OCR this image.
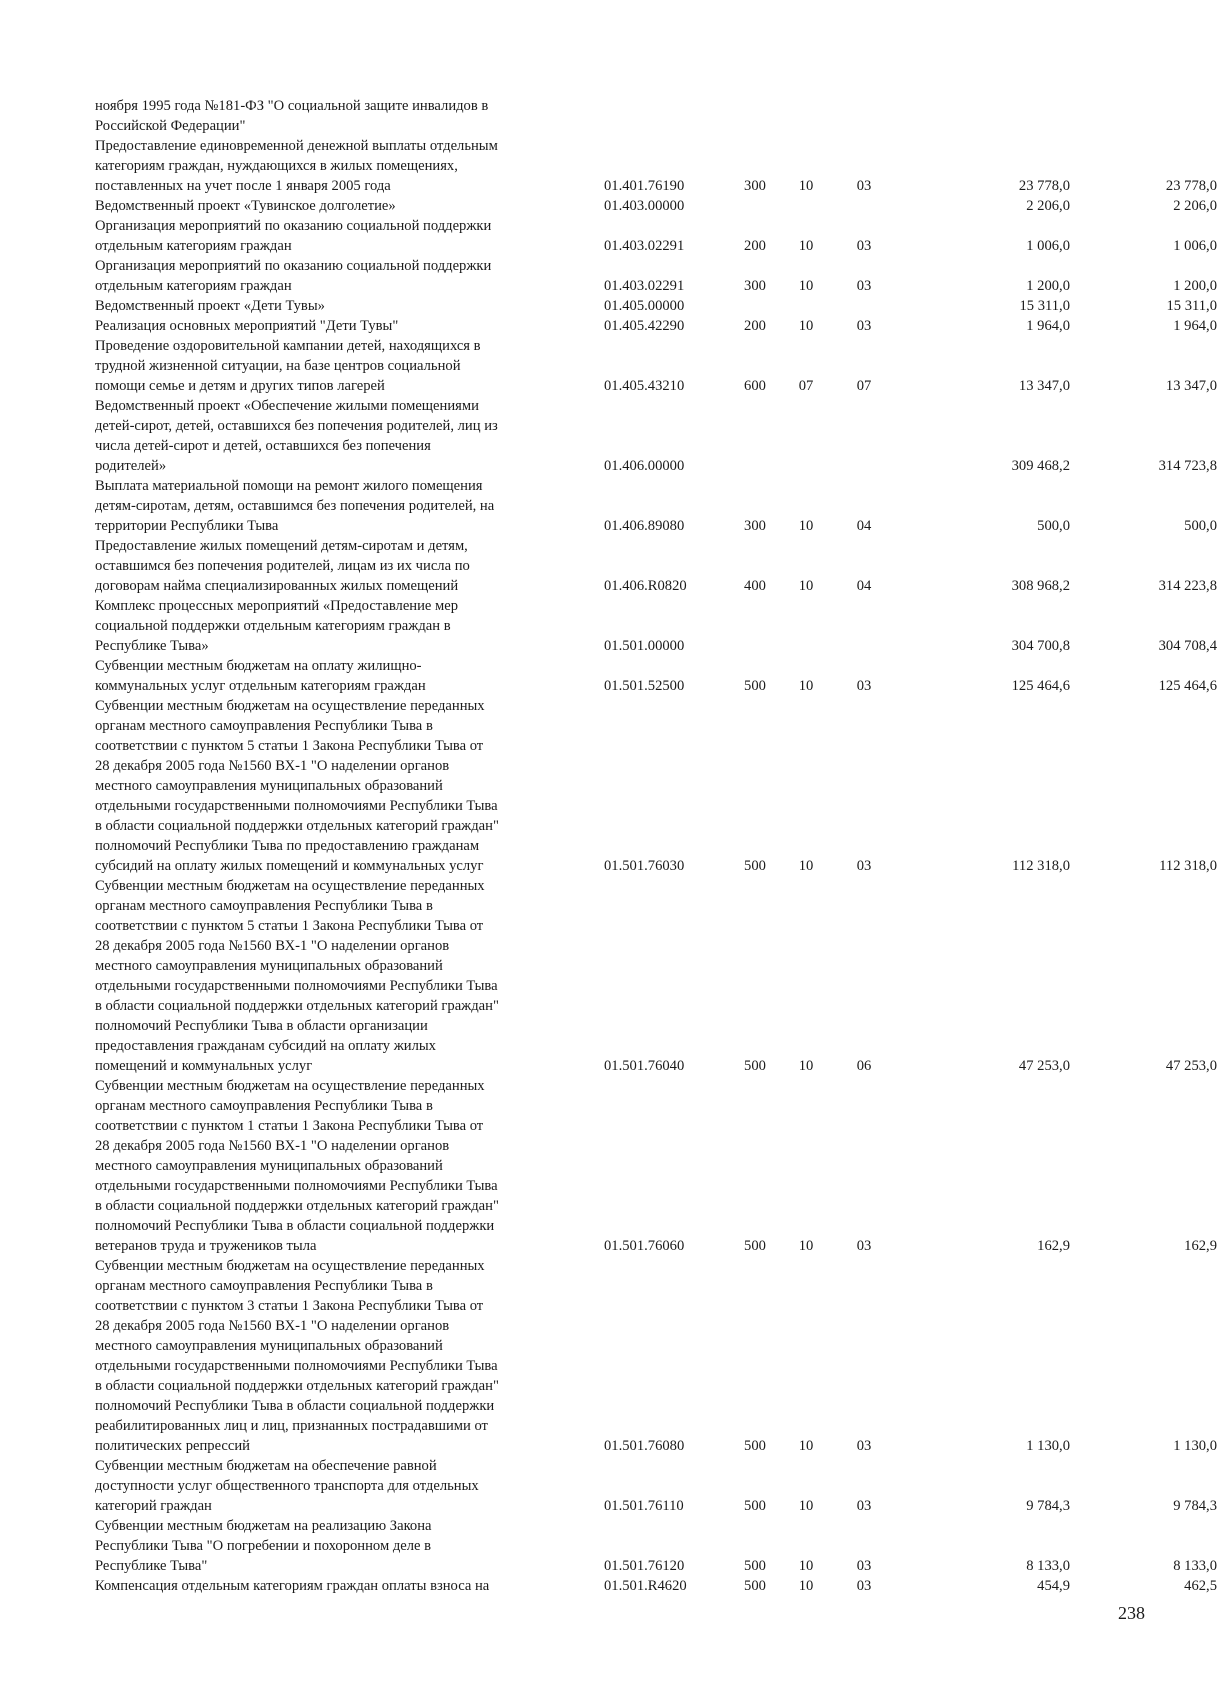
ноября 1995 года №181-ФЗ "О социальной защите инвалидов в
Российской Федерации"
Предоставление единовременной денежной выплаты отдельным
категориям граждан, нуждающихся в жилых помещениях,
поставленных на учет после 1 января 2005 года	01.401.76190	300	10	03	23 778,0	23 778,0
Ведомственный проект «Тувинское долголетие»	01.403.00000	2 206,0	2 206,0
Организация мероприятий по оказанию социальной поддержки
отдельным категориям граждан	01.403.02291	200	10	03	1 006,0	1 006,0
Организация мероприятий по оказанию социальной поддержки
отдельным категориям граждан	01.403.02291	300	10	03	1 200,0	1 200,0
Ведомственный проект «Дети Тувы»	01.405.00000	15 311,0	15 311,0
Реализация основных мероприятий "Дети Тувы"	01.405.42290	200	10	03	1 964,0	1 964,0
Проведение оздоровительной кампании детей, находящихся в
трудной жизненной ситуации, на базе центров социальной
помощи семье и детям и других типов лагерей	01.405.43210	600	07	07	13 347,0	13 347,0
Ведомственный проект «Обеспечение жилыми помещениями
детей-сирот, детей, оставшихся без попечения родителей, лиц из
числа детей-сирот и детей, оставшихся без попечения
родителей»	01.406.00000	309 468,2	314 723,8
Выплата материальной помощи на ремонт жилого помещения
детям-сиротам, детям, оставшимся без попечения родителей, на
территории Республики Тыва	01.406.89080	300	10	04	500,0	500,0
Предоставление жилых помещений детям-сиротам и детям,
оставшимся без попечения родителей, лицам из их числа по
договорам найма специализированных жилых помещений	01.406.R0820	400	10	04	308 968,2	314 223,8
Комплекс процессных мероприятий «Предоставление мер
социальной поддержки отдельным категориям граждан в
Республике Тыва»	01.501.00000	304 700,8	304 708,4
Субвенции местным бюджетам на оплату жилищно-
коммунальных услуг отдельным категориям граждан	01.501.52500	500	10	03	125 464,6	125 464,6
Субвенции местным бюджетам на осуществление переданных
органам местного самоуправления Республики Тыва в
соответствии с пунктом 5 статьи 1 Закона Республики Тыва от
28 декабря 2005 года №1560 ВХ-1 "О наделении органов
местного самоуправления муниципальных образований
отдельными государственными полномочиями Республики Тыва
в области социальной поддержки отдельных категорий граждан"
полномочий Республики Тыва по предоставлению гражданам
субсидий на оплату жилых помещений и коммунальных услуг	01.501.76030	500	10	03	112 318,0	112 318,0
Субвенции местным бюджетам на осуществление переданных
органам местного самоуправления Республики Тыва в
соответствии с пунктом 5 статьи 1 Закона Республики Тыва от
28 декабря 2005 года №1560 ВХ-1 "О наделении органов
местного самоуправления муниципальных образований
отдельными государственными полномочиями Республики Тыва
в области социальной поддержки отдельных категорий граждан"
полномочий Республики Тыва в области организации
предоставления гражданам субсидий на оплату жилых
помещений и коммунальных услуг	01.501.76040	500	10	06	47 253,0	47 253,0
Субвенции местным бюджетам на осуществление переданных
органам местного самоуправления Республики Тыва в
соответствии с пунктом 1 статьи 1 Закона Республики Тыва от
28 декабря 2005 года №1560 ВХ-1 "О наделении органов
местного самоуправления муниципальных образований
отдельными государственными полномочиями Республики Тыва
в области социальной поддержки отдельных категорий граждан"
полномочий Республики Тыва в области социальной поддержки
ветеранов труда и тружеников тыла	01.501.76060	500	10	03	162,9	162,9
Субвенции местным бюджетам на осуществление переданных
органам местного самоуправления Республики Тыва в
соответствии с пунктом 3 статьи 1 Закона Республики Тыва от
28 декабря 2005 года №1560 ВХ-1 "О наделении органов
местного самоуправления муниципальных образований
отдельными государственными полномочиями Республики Тыва
в области социальной поддержки отдельных категорий граждан"
полномочий Республики Тыва в области социальной поддержки
реабилитированных лиц и лиц, признанных пострадавшими от
политических репрессий	01.501.76080	500	10	03	1 130,0	1 130,0
Субвенции местным бюджетам на обеспечение равной
доступности услуг общественного транспорта для отдельных
категорий граждан	01.501.76110	500	10	03	9 784,3	9 784,3
Субвенции местным бюджетам на реализацию Закона
Республики Тыва "О погребении и похоронном деле в
Республике Тыва"	01.501.76120	500	10	03	8 133,0	8 133,0
Компенсация отдельным категориям граждан оплаты взноса на	01.501.R4620	500	10	03	454,9	462,5
238
